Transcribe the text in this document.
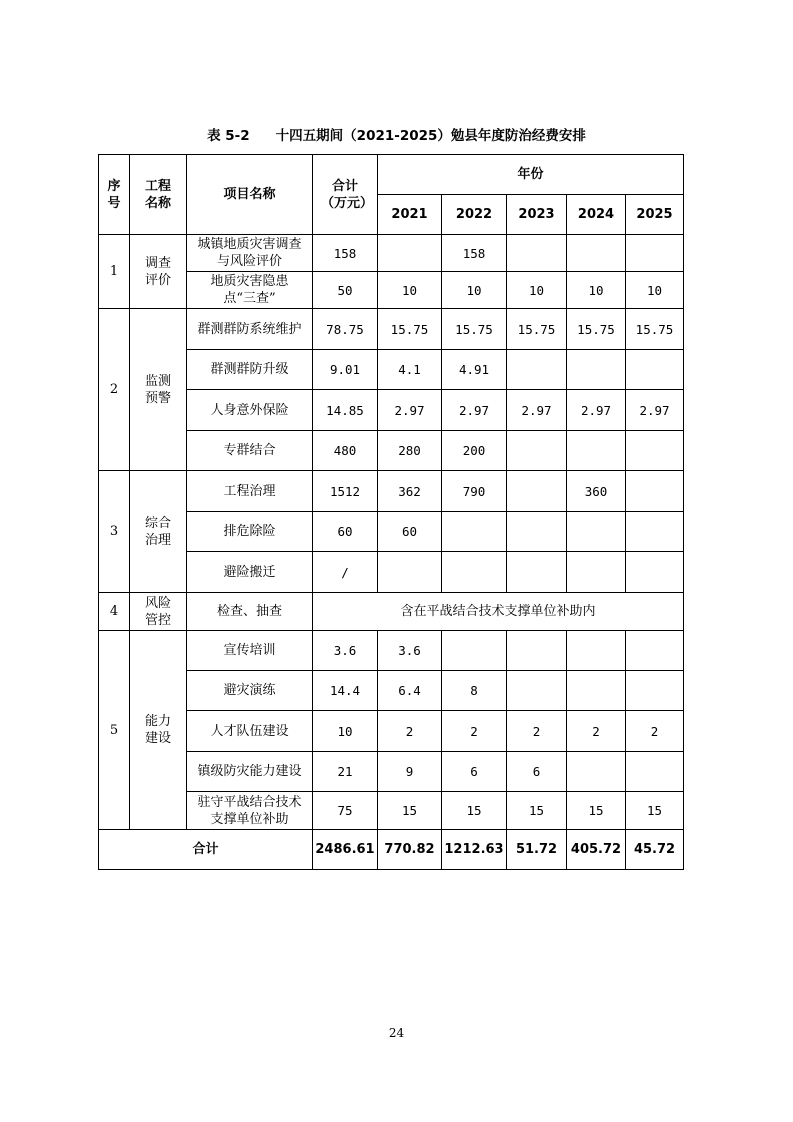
表 5-2 十四五期间（2021-2025）勉县年度防治经费安排
序号	工程名称	项目名称	合计（万元）	年份				
				2021	2022	2023	2024	2025
1	调查评价	城镇地质灾害调查与风险评价	158		158			
		地质灾害隐患点“三查”	50	10	10	10	10	10
2	监测预警	群测群防系统维护	78.75	15.75	15.75	15.75	15.75	15.75
		群测群防升级	9.01	4.1	4.91			
		人身意外保险	14.85	2.97	2.97	2.97	2.97	2.97
		专群结合	480	280	200			
3	综合治理	工程治理	1512	362	790		360	
		排危除险	60	60				
		避险搬迁	/					
4	风险管控	检查、抽查	含在平战结合技术支撑单位补助内					
5	能力建设	宣传培训	3.6	3.6				
		避灾演练	14.4	6.4	8			
		人才队伍建设	10	2	2	2	2	2
		镇级防灾能力建设	21	9	6	6		
		驻守平战结合技术支撑单位补助	75	15	15	15	15	15
合计			2486.61	770.82	1212.63	51.72	405.72	45.72
24
